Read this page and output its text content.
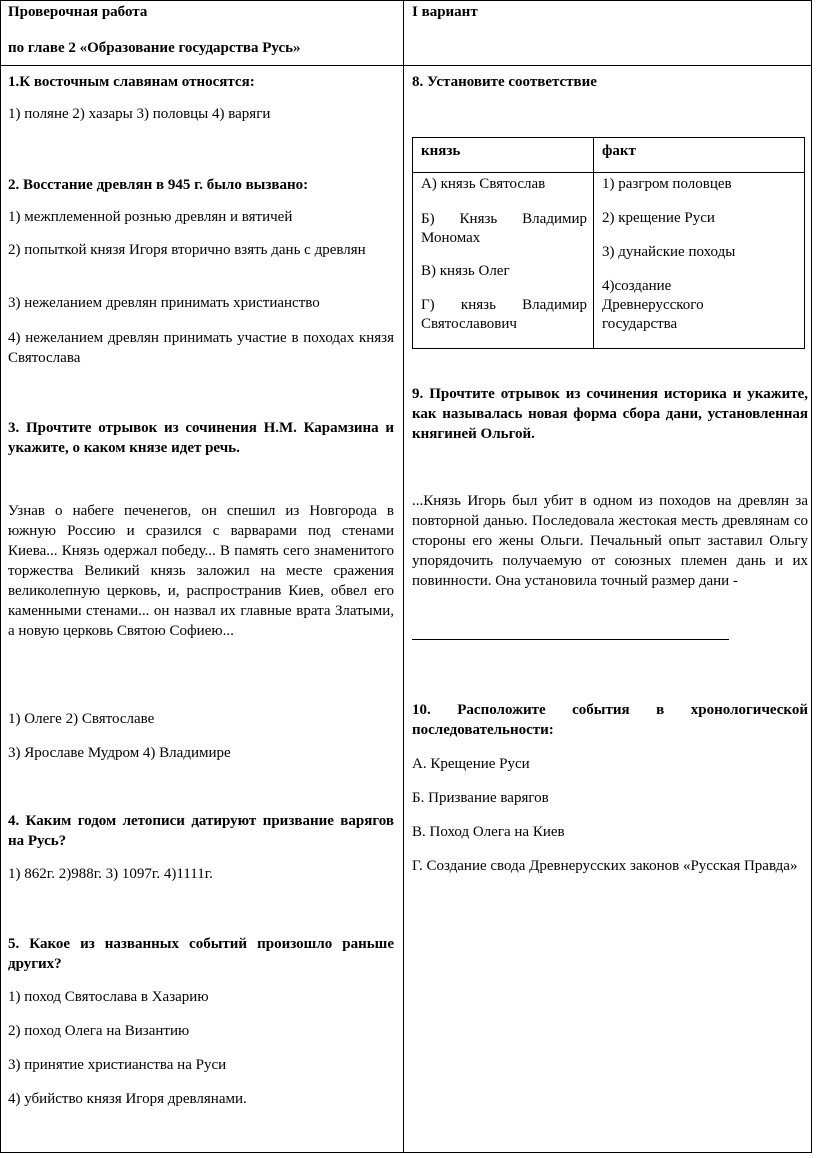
Проверочная работа
по главе 2 «Образование государства Русь»
I вариант
1.К восточным славянам относятся:
1) поляне 2) хазары 3) половцы 4) варяги
2. Восстание древлян в 945 г. было вызвано:
1) межплеменной рознью древлян и вятичей
2) попыткой князя Игоря вторично взять дань с древлян
3) нежеланием древлян принимать христианство
4) нежеланием древлян принимать участие в походах князя Святослава
3. Прочтите отрывок из сочинения Н.М. Карамзина и укажите, о каком князе идет речь.
Узнав о набеге печенегов, он спешил из Новгорода в южную Россию и сразился с варварами под стенами Киева... Князь одержал победу... В память сего знаменитого торжества Великий князь заложил на месте сражения великолепную церковь, и, распространив Киев, обвел его каменными стенами... он назвал их главные врата Златыми, а новую церковь Святою Софиею...
1) Олеге 2) Святославе
3) Ярославе Мудром 4) Владимире
4. Каким годом летописи датируют призвание варягов на Русь?
1) 862г. 2)988г. 3) 1097г. 4)1111г.
5. Какое из названных событий произошло раньше других?
1) поход Святослава в Хазарию
2) поход Олега на Византию
3) принятие христианства на Руси
4) убийство князя Игоря древлянами.
8. Установите соответствие
князь	факт
А) князь Святослав
Б) Князь Владимир Мономах
В) князь Олег
Г) князь Владимир Святославович
1) разгром половцев
2) крещение Руси
3) дунайские походы
4)создание Древнерусского государства
9. Прочтите отрывок из сочинения историка и укажите, как называлась новая форма сбора дани, установленная княгиней Ольгой.
...Князь Игорь был убит в одном из походов на древлян за повторной данью. Последовала жестокая месть древлянам со стороны его жены Ольги. Печальный опыт заставил Ольгу упорядочить получаемую от союзных племен дань и их повинности. Она установила точный размер дани -
10. Расположите события в хронологической последовательности:
А. Крещение Руси
Б. Призвание варягов
В. Поход Олега на Киев
Г. Создание свода Древнерусских законов «Русская Правда»
